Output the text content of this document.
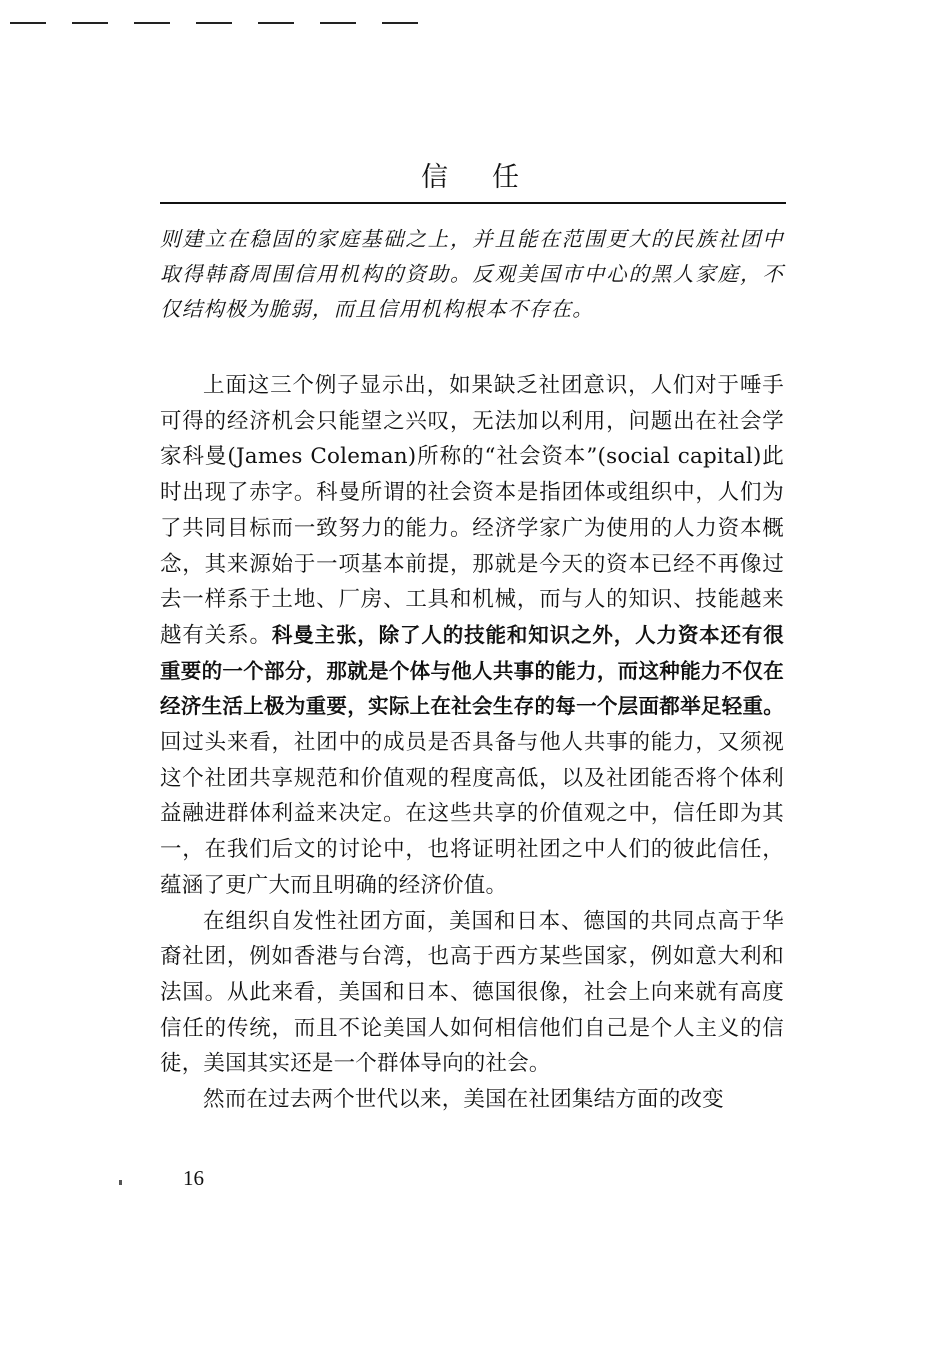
信任
则建立在稳固的家庭基础之上，并且能在范围更大的民族社团中取得韩裔周围信用机构的资助。反观美国市中心的黑人家庭，不仅结构极为脆弱，而且信用机构根本不存在。

上面这三个例子显示出，如果缺乏社团意识，人们对于唾手可得的经济机会只能望之兴叹，无法加以利用，问题出在社会学家科曼(James Coleman)所称的“社会资本”(social capital)此时出现了赤字。科曼所谓的社会资本是指团体或组织中，人们为了共同目标而一致努力的能力。经济学家广为使用的人力资本概念，其来源始于一项基本前提，那就是今天的资本已经不再像过去一样系于土地、厂房、工具和机械，而与人的知识、技能越来越有关系。科曼主张，除了人的技能和知识之外，人力资本还有很重要的一个部分，那就是个体与他人共事的能力，而这种能力不仅在经济生活上极为重要，实际上在社会生存的每一个层面都举足轻重。回过头来看，社团中的成员是否具备与他人共事的能力，又须视这个社团共享规范和价值观的程度高低，以及社团能否将个体利益融进群体利益来决定。在这些共享的价值观之中，信任即为其一，在我们后文的讨论中，也将证明社团之中人们的彼此信任，蕴涵了更广大而且明确的经济价值。

在组织自发性社团方面，美国和日本、德国的共同点高于华裔社团，例如香港与台湾，也高于西方某些国家，例如意大利和法国。从此来看，美国和日本、德国很像，社会上向来就有高度信任的传统，而且不论美国人如何相信他们自己是个人主义的信徒，美国其实还是一个群体导向的社会。

然而在过去两个世代以来，美国在社团集结方面的改变

16
